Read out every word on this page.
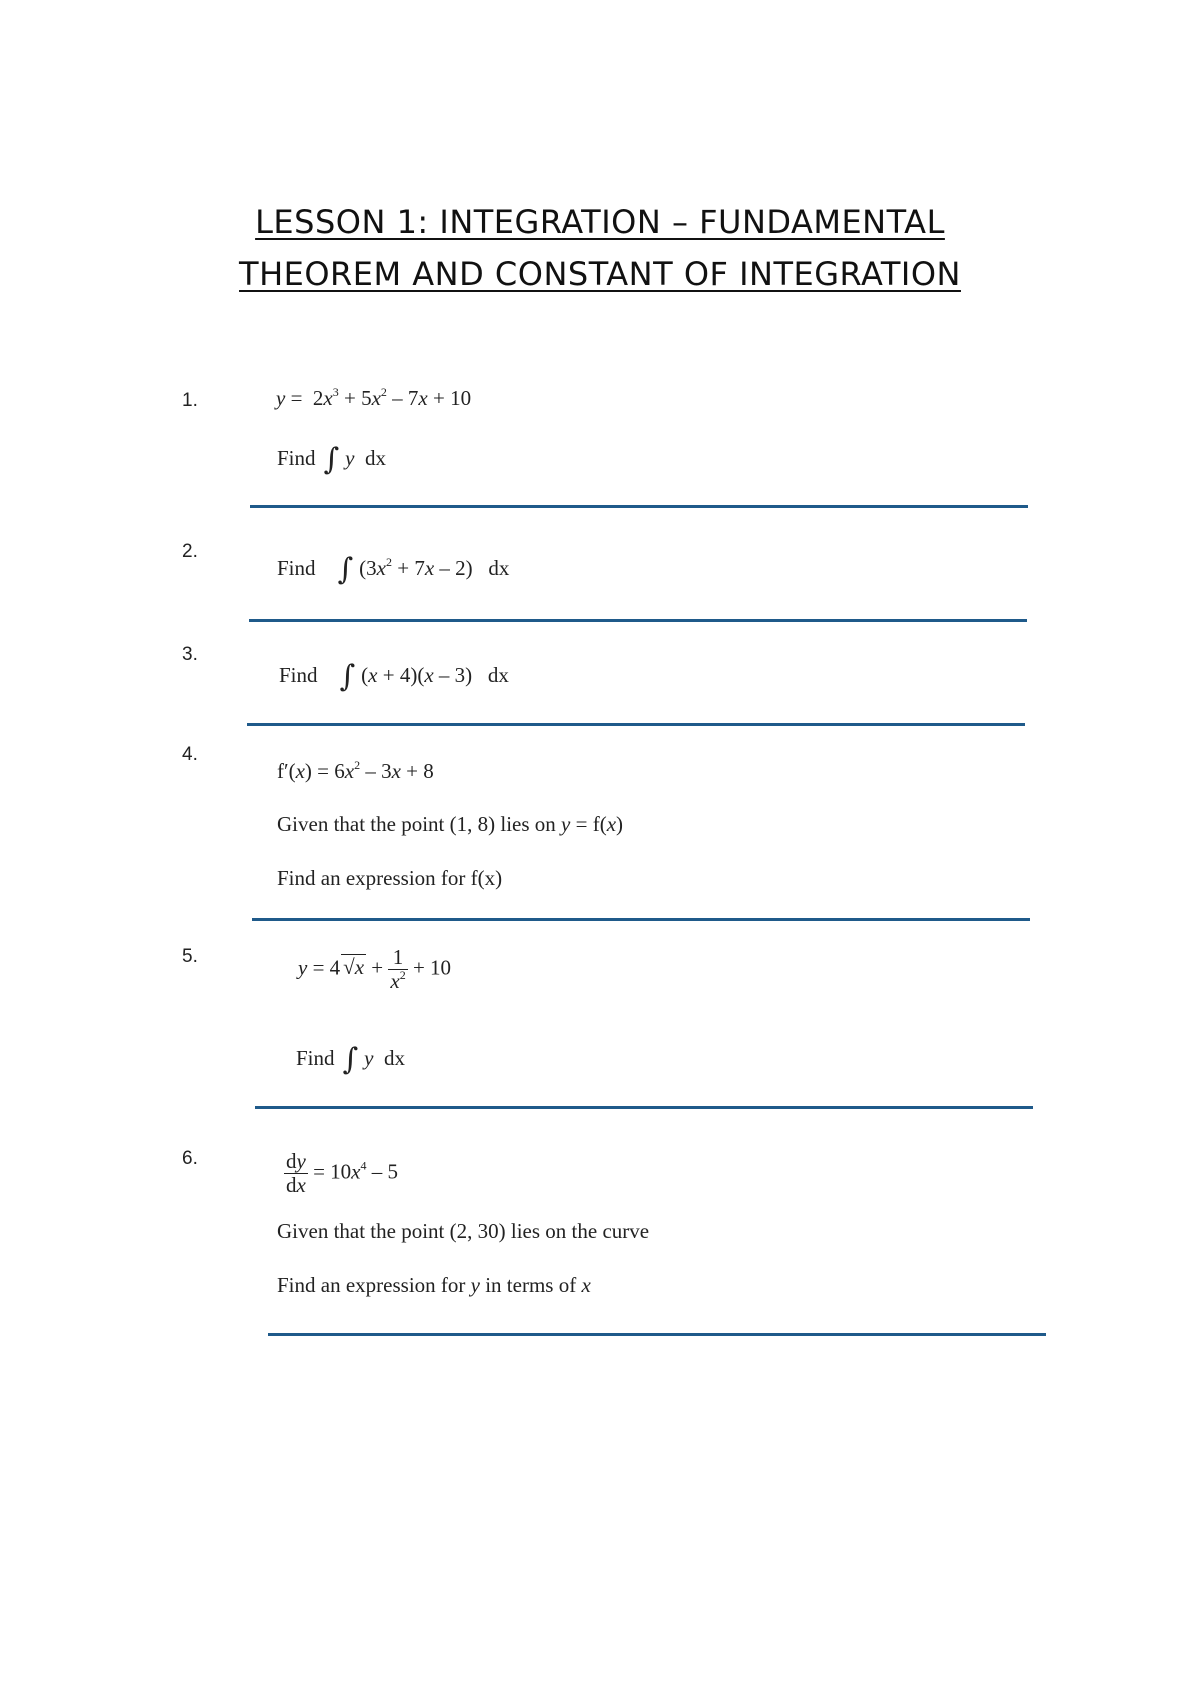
LESSON 1: INTEGRATION – FUNDAMENTAL
THEOREM AND CONSTANT OF INTEGRATION
1.	$y = 2x^3 + 5x^2 - 7x + 10$
Find ∫ y dx
2.
Find ∫ $(3x^2 + 7x - 2)$   dx
3.
Find ∫ (x + 4)(x – 3)   dx
4.
$f'(x) = 6x^2 - 3x + 8$
Given that the point (1, 8) lies on y = f(x)
Find an expression for f(x)
5.	y = 4 $√x + \frac{1}{x^2} + 10$
Find ∫ y dx
6.	$\frac{dy}{dx} = 10x^4 - 5$
Given that the point (2, 30) lies on the curve
Find an expression for y in terms of x
